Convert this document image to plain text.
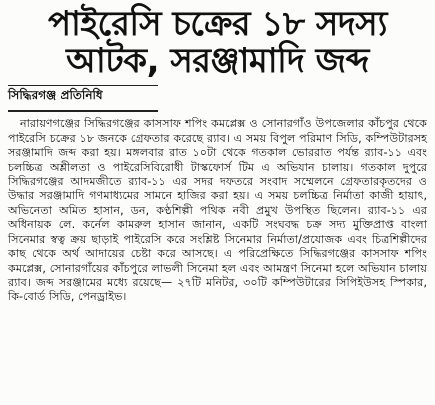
পাইরেসি চক্রের ১৮ সদস্য
আটক, সরঞ্জামাদি জব্দ
সিদ্ধিরগঞ্জ প্রতিনিধি

নারায়ণগঞ্জের সিদ্ধিরগঞ্জের কাসসাফ শপিং কমপ্লেক্স ও সোনারগাঁও উপজেলার কাঁচপুর থেকে পাইরেসি চক্রের ১৮ জনকে গ্রেফতার করেছে র‍্যাব। এ সময় বিপুল পরিমাণ সিডি, কম্পিউটারসহ সরঞ্জামাদি জব্দ করা হয়। মঙ্গলবার রাত ১০টা থেকে গতকাল ভোররাত পর্যন্ত র‍্যাব-১১ এবং চলচ্চিত্র অশ্লীলতা ও পাইরেসিবিরোধী টাস্কফোর্স টিম এ অভিযান চালায়। গতকাল দুপুরে সিদ্ধিরগঞ্জের আদমজীতে র‍্যাব-১১ এর সদর দফতরে সংবাদ সম্মেলনে গ্রেফতারকৃতদের ও উদ্ধার সরঞ্জামাদি গণমাধ্যমের সামনে হাজির করা হয়। এ সময় চলচ্চিত্র নির্মাতা কাজী হায়াৎ, অভিনেতা অমিত হাসান, ডন, কণ্ঠশিল্পী পথিক নবী প্রমুখ উপস্থিত ছিলেন। র‍্যাব-১১ এর অধিনায়ক লে. কর্নেল কামরুল হাসান জানান, একটি সংঘবদ্ধ চক্র সদ্য মুক্তিপ্রাপ্ত বাংলা সিনেমার স্বত্ব ক্রয় ছাড়াই পাইরেসি করে সংশ্লিষ্ট সিনেমার নির্মাতা/প্রযোজক এবং চিত্রশিল্পীদের কাছ থেকে অর্থ আদায়ের চেষ্টা করে আসছে। এ পরিপ্রেক্ষিতে সিদ্ধিরগঞ্জের কাসসাফ শপিং কমপ্লেক্স, সোনারগাঁয়ের কাঁচপুরে লাভলী সিনেমা হল এবং আমন্ত্রণ সিনেমা হলে অভিযান চালায় র‍্যাব। জব্দ সরঞ্জামের মধ্যে রয়েছে— ২৭টি মনিটর, ৩০টি কম্পিউটারের সিপিইউসহ স্পিকার, কি-বোর্ড সিডি, পেনড্রাইভ।
